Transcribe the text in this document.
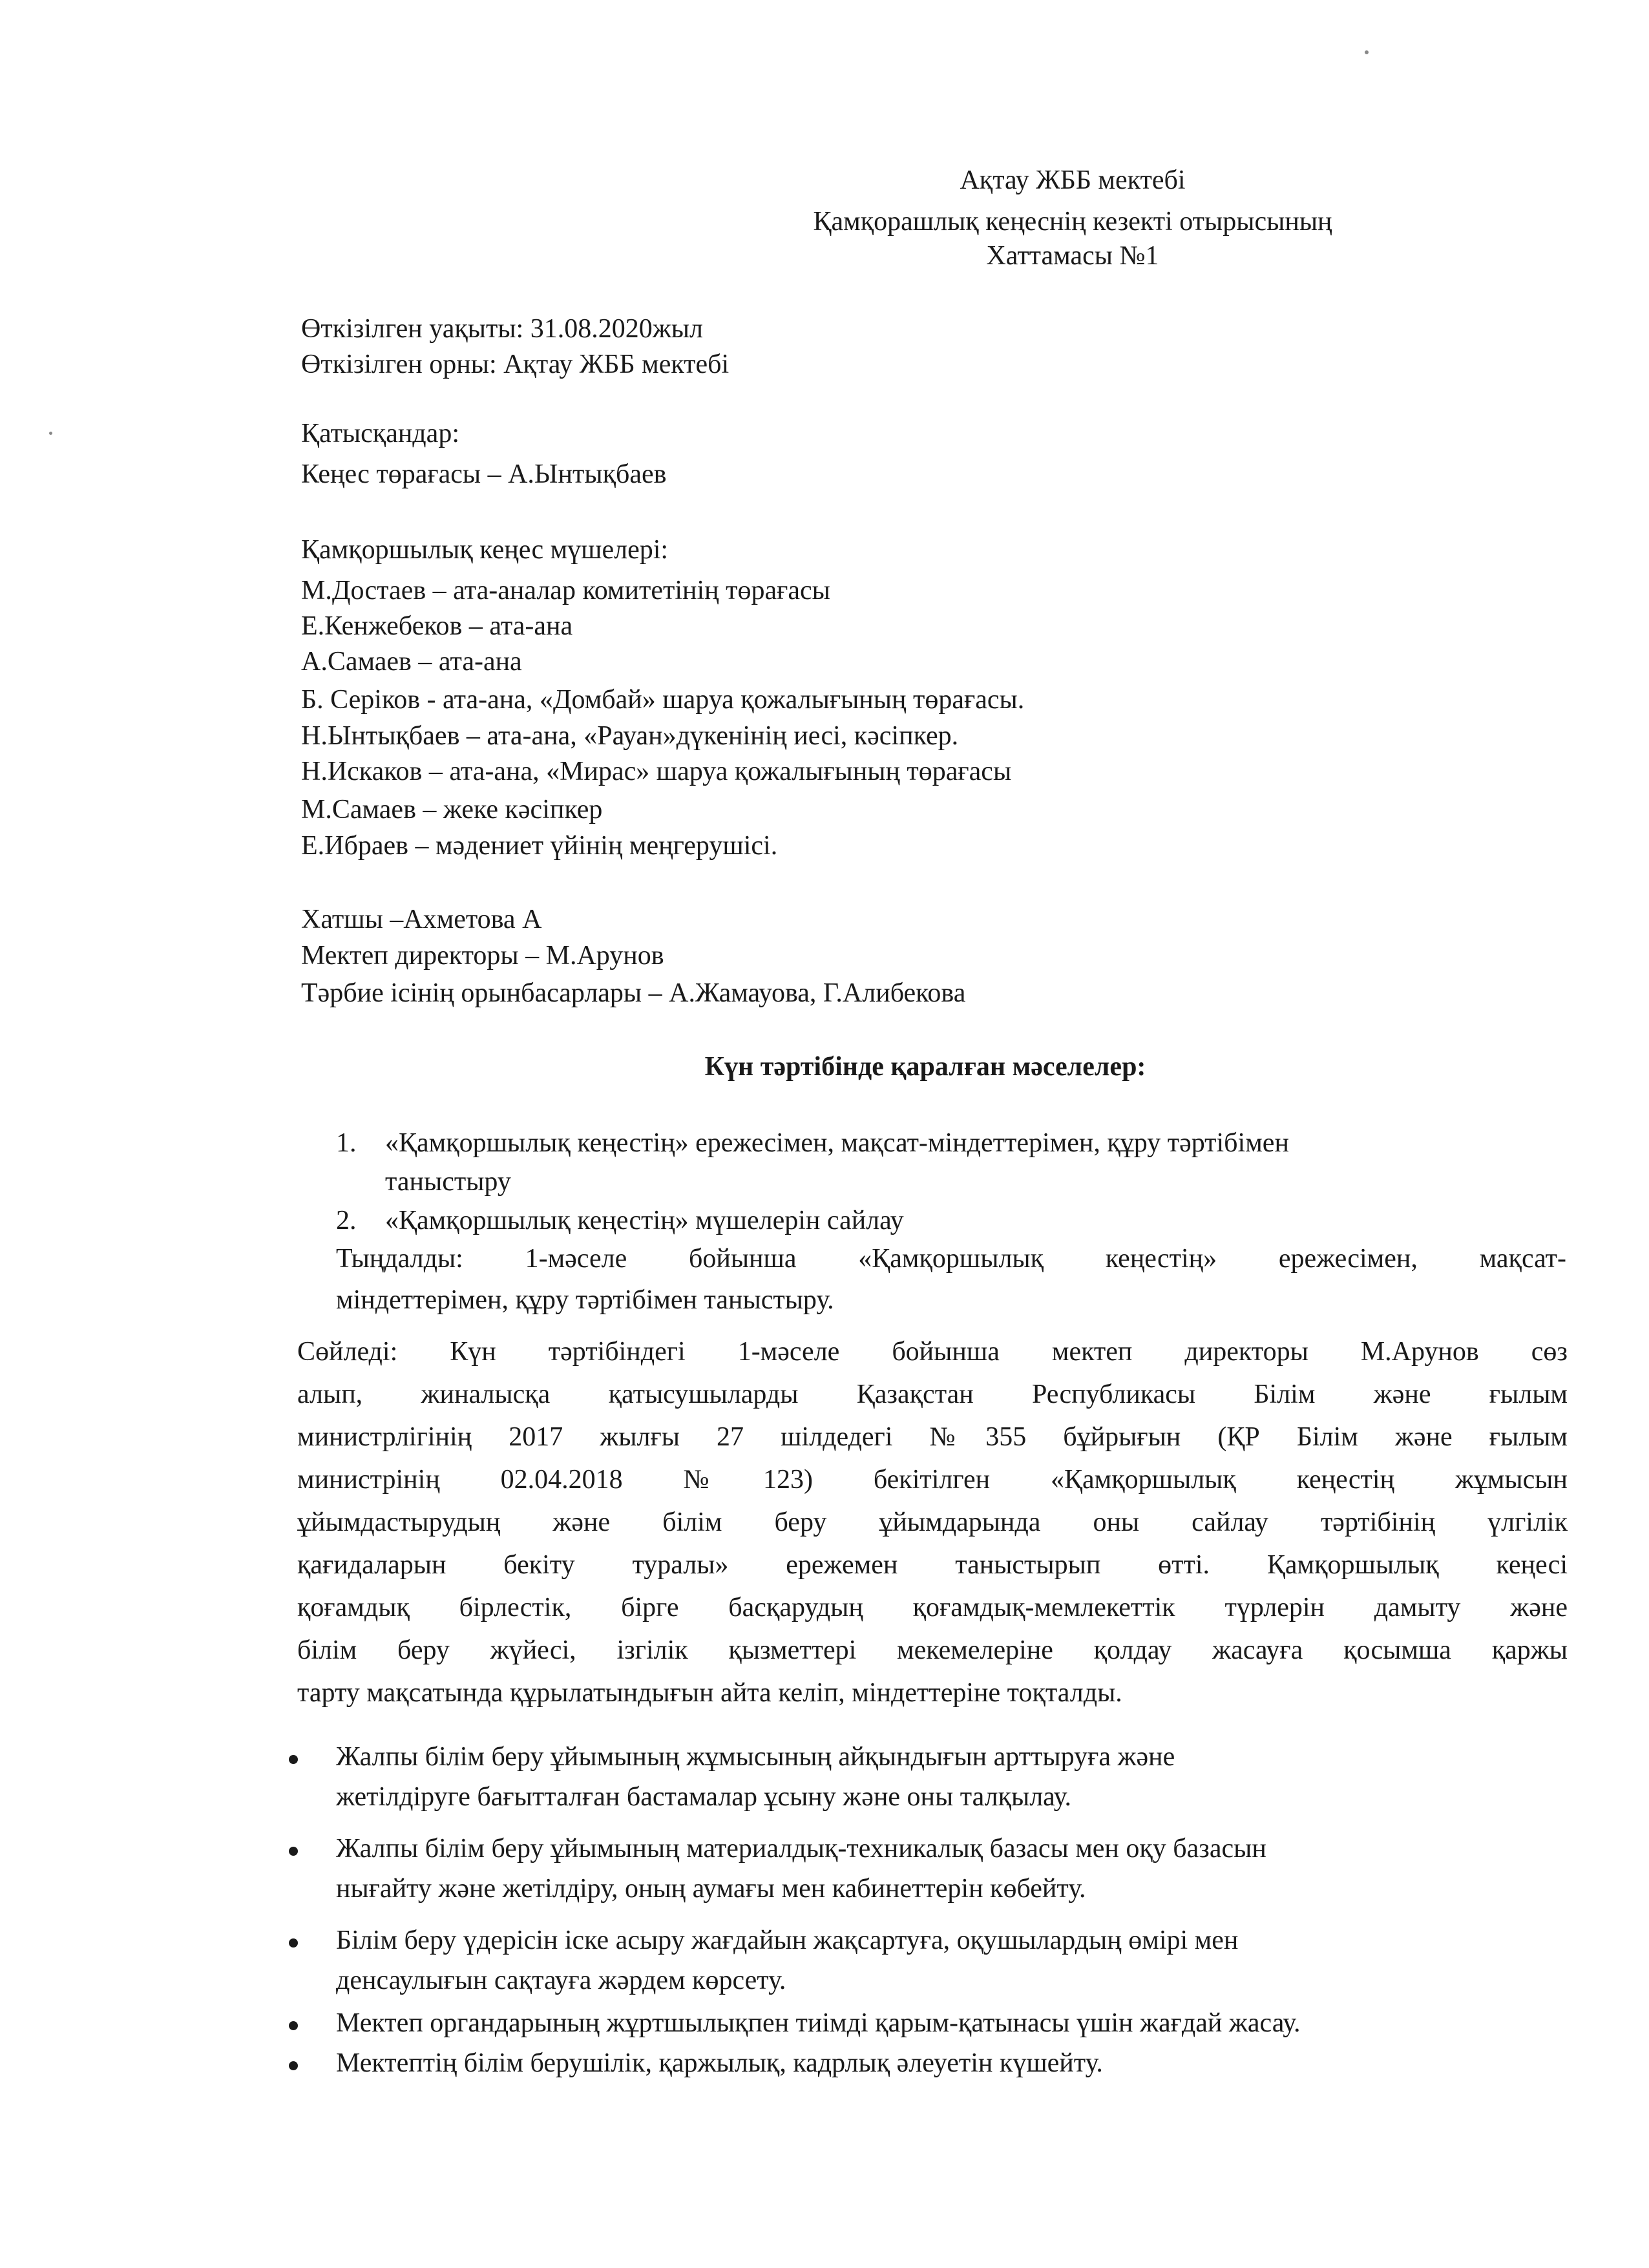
Ақтау ЖББ мектебі
Қамқорашлық кеңеснің кезекті отырысының
Хаттамасы №1
Өткізілген уақыты: 31.08.2020жыл
Өткізілген орны: Ақтау ЖББ мектебі
Қатысқандар:
Кеңес төрағасы – А.Ынтықбаев
Қамқоршылық кеңес мүшелері:
М.Достаев – ата-аналар комитетінің төрағасы
Е.Кенжебеков – ата-ана
А.Самаев – ата-ана
Б. Серіков - ата-ана, «Домбай» шаруа қожалығының төрағасы.
Н.Ынтықбаев – ата-ана, «Рауан»дүкенінің иесі, кәсіпкер.
Н.Искаков – ата-ана, «Мирас» шаруа қожалығының төрағасы
М.Самаев – жеке кәсіпкер
Е.Ибраев – мәдениет үйінің меңгерушісі.
Хатшы –Ахметова А
Мектеп директоры – М.Арунов
Тәрбие ісінің орынбасарлары – А.Жамауова, Г.Алибекова
Күн тәртібінде қаралған мәселелер:
1. «Қамқоршылық кеңестің» ережесімен, мақсат-міндеттерімен, құру тәртібімен
таныстыру
2. «Қамқоршылық кеңестің» мүшелерін сайлау
Тыңдалды: 1-мәселе бойынша «Қамқоршылық кеңестің» ережесімен, мақсат-
міндеттерімен, құру тәртібімен таныстыру.
Сөйледі: Күн тәртібіндегі 1-мәселе бойынша мектеп директоры М.Арунов сөз
алып, жиналысқа қатысушыларды Қазақстан Республикасы Білім және ғылым
министрлігінің 2017 жылғы 27 шілдедегі №355 бұйрығын (ҚР Білім және ғылым
министрінің 02.04.2018 №123) бекітілген «Қамқоршылық кеңестің жұмысын
ұйымдастырудың және білім беру ұйымдарында оны сайлау тәртібінің үлгілік
қағидаларын бекіту туралы» ережемен таныстырып өтті. Қамқоршылық кеңесі
қоғамдық бірлестік, бірге басқарудың қоғамдық-мемлекеттік түрлерін дамыту және
білім беру жүйесі, ізгілік қызметтері мекемелеріне қолдау жасауға қосымша қаржы
тарту мақсатында құрылатындығын айта келіп, міндеттеріне тоқталды.
Жалпы білім беру ұйымының жұмысының айқындығын арттыруға және
жетілдіруге бағытталған бастамалар ұсыну және оны талқылау.
Жалпы білім беру ұйымының материалдық-техникалық базасы мен оқу базасын
нығайту және жетілдіру, оның аумағы мен кабинеттерін көбейту.
Білім беру үдерісін іске асыру жағдайын жақсартуға, оқушылардың өмірі мен
денсаулығын сақтауға жәрдем көрсету.
Мектеп органдарының жұртшылықпен тиімді қарым-қатынасы үшін жағдай жасау.
Мектептің білім берушілік, қаржылық, кадрлық әлеуетін күшейту.
